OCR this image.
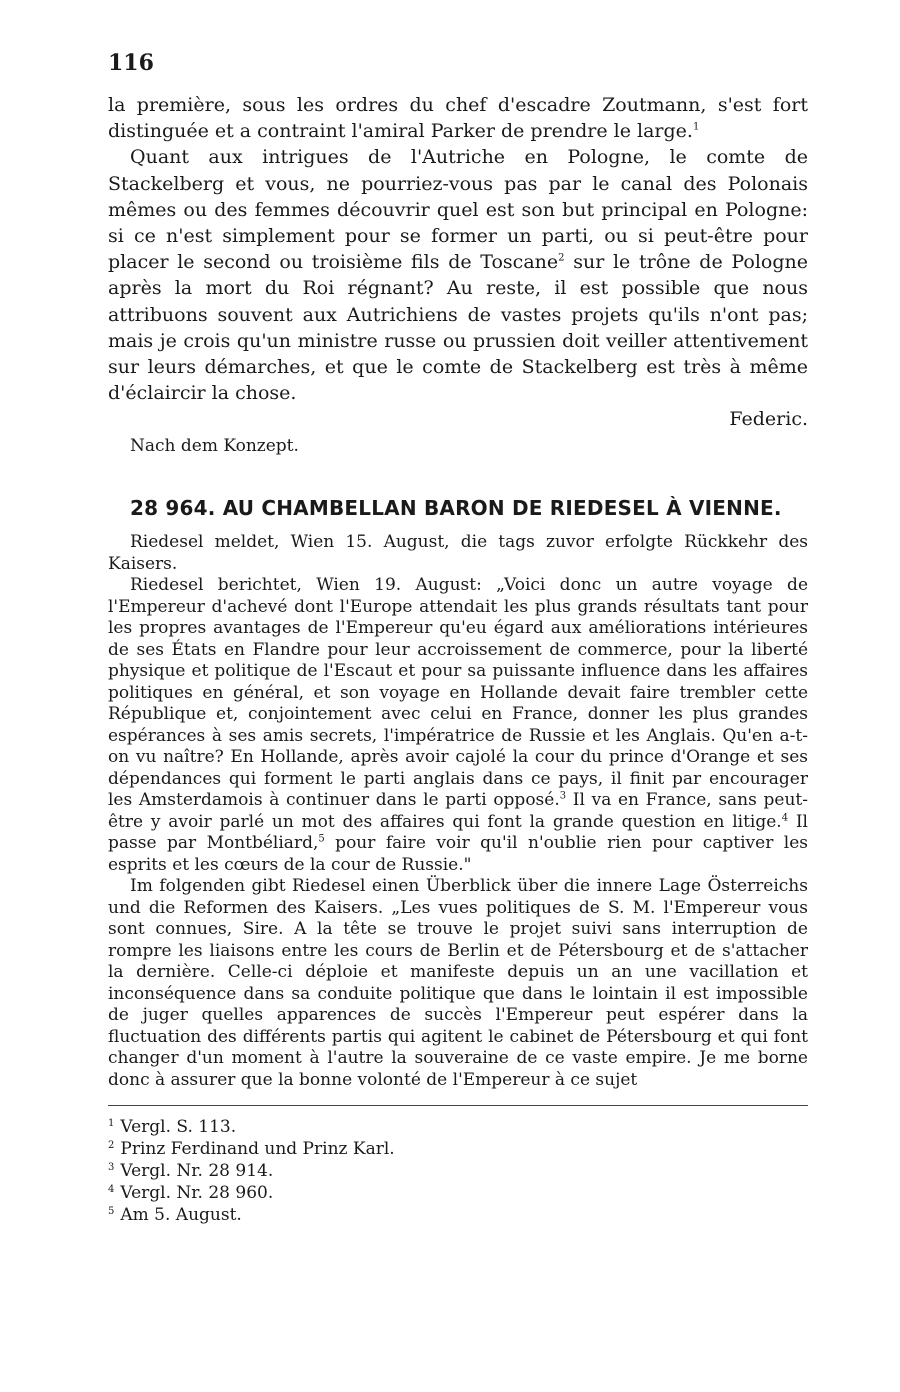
116

la première, sous les ordres du chef d'escadre Zoutmann, s'est fort distinguée et a contraint l'amiral Parker de prendre le large.$^1$

Quant aux intrigues de l'Autriche en Pologne, le comte de Stackelberg et vous, ne pourriez-vous pas par le canal des Polonais mêmes ou des femmes découvrir quel est son but principal en Pologne: si ce n'est simplement pour se former un parti, ou si peut-être pour placer le second ou troisième fils de Toscane$^2$ sur le trône de Pologne après la mort du Roi régnant? Au reste, il est possible que nous attribuons souvent aux Autrichiens de vastes projets qu'ils n'ont pas; mais je crois qu'un ministre russe ou prussien doit veiller attentivement sur leurs démarches, et que le comte de Stackelberg est très à même d'éclaircir la chose.

Federic.

Nach dem Konzept.

28 964. AU CHAMBELLAN BARON DE RIEDESEL À VIENNE.

Riedesel meldet, Wien 15. August, die tags zuvor erfolgte Rückkehr des Kaisers.

Riedesel berichtet, Wien 19. August: „Voici donc un autre voyage de l'Empereur d'achevé dont l'Europe attendait les plus grands résultats tant pour les propres avantages de l'Empereur qu'eu égard aux améliorations intérieures de ses États en Flandre pour leur accroissement de commerce, pour la liberté physique et politique de l'Escaut et pour sa puissante influence dans les affaires politiques en général, et son voyage en Hollande devait faire trembler cette République et, conjointement avec celui en France, donner les plus grandes espérances à ses amis secrets, l'impératrice de Russie et les Anglais. Qu'en a-t-on vu naître? En Hollande, après avoir cajolé la cour du prince d'Orange et ses dépendances qui forment le parti anglais dans ce pays, il finit par encourager les Amsterdamois à continuer dans le parti opposé.$^3$ Il va en France, sans peut-être y avoir parlé un mot des affaires qui font la grande question en litige.$^4$ Il passe par Montbéliard,$^5$ pour faire voir qu'il n'oublie rien pour captiver les esprits et les cœurs de la cour de Russie."

Im folgenden gibt Riedesel einen Überblick über die innere Lage Österreichs und die Reformen des Kaisers. „Les vues politiques de S. M. l'Empereur vous sont connues, Sire. A la tête se trouve le projet suivi sans interruption de rompre les liaisons entre les cours de Berlin et de Pétersbourg et de s'attacher la dernière. Celle-ci déploie et manifeste depuis un an une vacillation et inconséquence dans sa conduite politique que dans le lointain il est impossible de juger quelles apparences de succès l'Empereur peut espérer dans la fluctuation des différents partis qui agitent le cabinet de Pétersbourg et qui font changer d'un moment à l'autre la souveraine de ce vaste empire. Je me borne donc à assurer que la bonne volonté de l'Empereur à ce sujet

$^1$ Vergl. S. 113.
$^2$ Prinz Ferdinand und Prinz Karl.
$^3$ Vergl. Nr. 28 914.
$^4$ Vergl. Nr. 28 960.
$^5$ Am 5. August.
